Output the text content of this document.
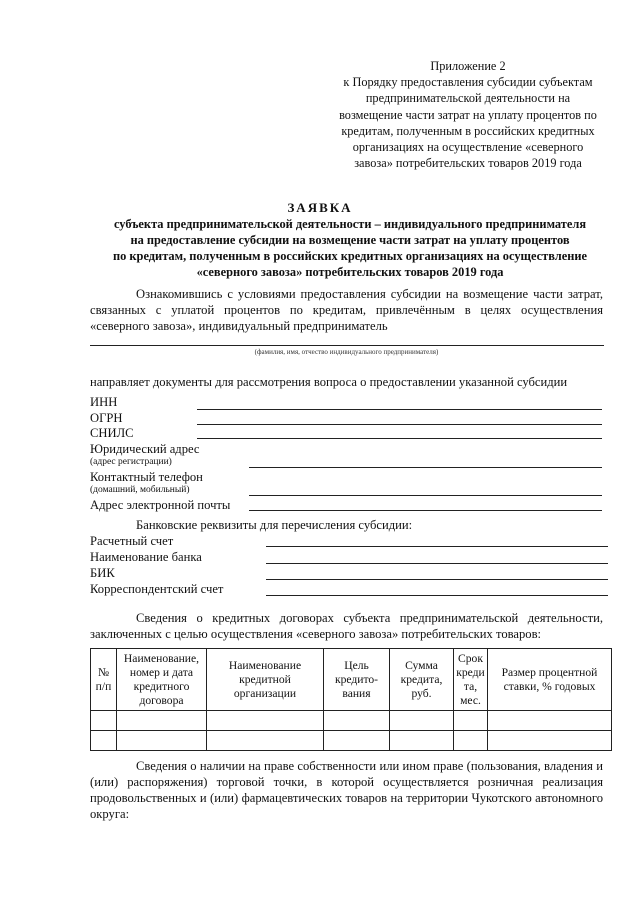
Приложение 2
к Порядку предоставления субсидии субъектам
предпринимательской деятельности на
возмещение части затрат на уплату процентов по
кредитам, полученным в российских кредитных
организациях на осуществление «северного
завоза» потребительских товаров 2019 года
ЗАЯВКА
субъекта предпринимательской деятельности – индивидуального предпринимателя
на предоставление субсидии на возмещение части затрат на уплату процентов
по кредитам, полученным в российских кредитных организациях на осуществление
«северного завоза» потребительских товаров 2019 года
Ознакомившись с условиями предоставления субсидии на возмещение части затрат, связанных с уплатой процентов по кредитам, привлечённым в целях осуществления «северного завоза», индивидуальный предприниматель
(фамилия, имя, отчество индивидуального предпринимателя)
направляет документы для рассмотрения вопроса о предоставлении указанной субсидии
ИНН
ОГРН
СНИЛС
Юридический адрес
(адрес регистрации)
Контактный телефон
(домашний, мобильный)
Адрес электронной почты
Банковские реквизиты для перечисления субсидии:
Расчетный счет
Наименование банка
БИК
Корреспондентский счет
Сведения о кредитных договорах субъекта предпринимательской деятельности, заключенных с целью осуществления «северного завоза» потребительских товаров:
№ п/п	Наименование, номер и дата кредитного договора	Наименование кредитной организации	Цель кредито-вания	Сумма кредита, руб.	Срок креди та, мес.	Размер процентной ставки, % годовых

Сведения о наличии на праве собственности или ином праве (пользования, владения и (или) распоряжения) торговой точки, в которой осуществляется розничная реализация продовольственных и (или) фармацевтических товаров на территории Чукотского автономного округа:
